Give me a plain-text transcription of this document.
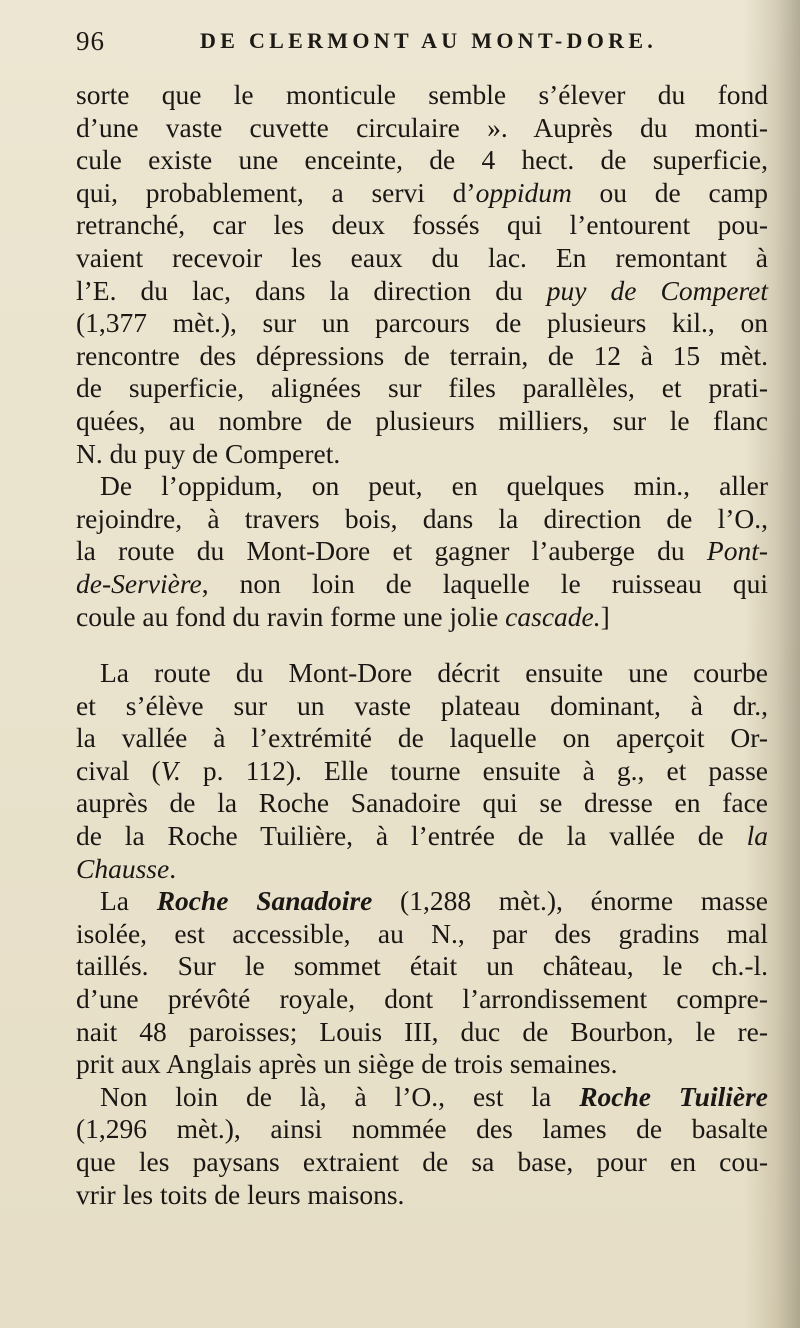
96	DE CLERMONT AU MONT-DORE.
sorte que le monticule semble s’élever du fond
d’une vaste cuvette circulaire ». Auprès du monti-
cule existe une enceinte, de 4 hect. de superficie,
qui, probablement, a servi d’oppidum ou de camp
retranché, car les deux fossés qui l’entourent pou-
vaient recevoir les eaux du lac. En remontant à
l’E. du lac, dans la direction du puy de Comperet
(1,377 mèt.), sur un parcours de plusieurs kil., on
rencontre des dépressions de terrain, de 12 à 15 mèt.
de superficie, alignées sur files parallèles, et prati-
quées, au nombre de plusieurs milliers, sur le flanc
N. du puy de Comperet.
De l’oppidum, on peut, en quelques min., aller
rejoindre, à travers bois, dans la direction de l’O.,
la route du Mont-Dore et gagner l’auberge du Pont-
de-Servière, non loin de laquelle le ruisseau qui
coule au fond du ravin forme une jolie cascade.]
La route du Mont-Dore décrit ensuite une courbe
et s’élève sur un vaste plateau dominant, à dr.,
la vallée à l’extrémité de laquelle on aperçoit Or-
cival (V. p. 112). Elle tourne ensuite à g., et passe
auprès de la Roche Sanadoire qui se dresse en face
de la Roche Tuilière, à l’entrée de la vallée de la
Chausse.
La Roche Sanadoire (1,288 mèt.), énorme masse
isolée, est accessible, au N., par des gradins mal
taillés. Sur le sommet était un château, le ch.-l.
d’une prévôté royale, dont l’arrondissement compre-
nait 48 paroisses; Louis III, duc de Bourbon, le re-
prit aux Anglais après un siège de trois semaines.
Non loin de là, à l’O., est la Roche Tuilière
(1,296 mèt.), ainsi nommée des lames de basalte
que les paysans extraient de sa base, pour en cou-
vrir les toits de leurs maisons.
